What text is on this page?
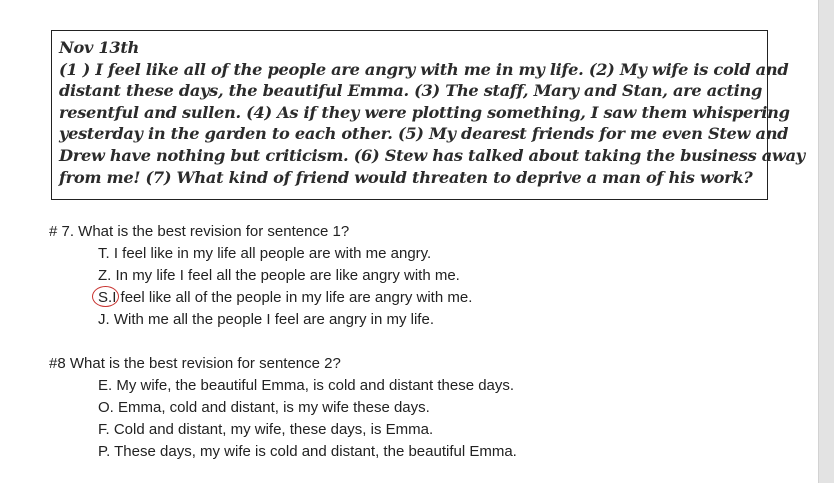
Nov 13th
(1 ) I feel like all of the people are angry with me in my life. (2) My wife is cold and
distant these days, the beautiful Emma. (3) The staff, Mary and Stan, are acting
resentful and sullen. (4) As if they were plotting something, I saw them whispering
yesterday in the garden to each other. (5) My dearest friends for me even Stew and
Drew have nothing but criticism. (6) Stew has talked about taking the business away
from me! (7) What kind of friend would threaten to deprive a man of his work?
# 7. What is the best revision for sentence 1?
T. I feel like in my life all people are with me angry.
Z. In my life I feel all the people are like angry with me.
S.
I feel like all of the people in my life are angry with me.
J. With me all the people I feel are angry in my life.
#8 What is the best revision for sentence 2?
E. My wife, the beautiful Emma, is cold and distant these days.
O. Emma, cold and distant, is my wife these days.
F. Cold and distant, my wife, these days, is Emma.
P. These days, my wife is cold and distant, the beautiful Emma.
